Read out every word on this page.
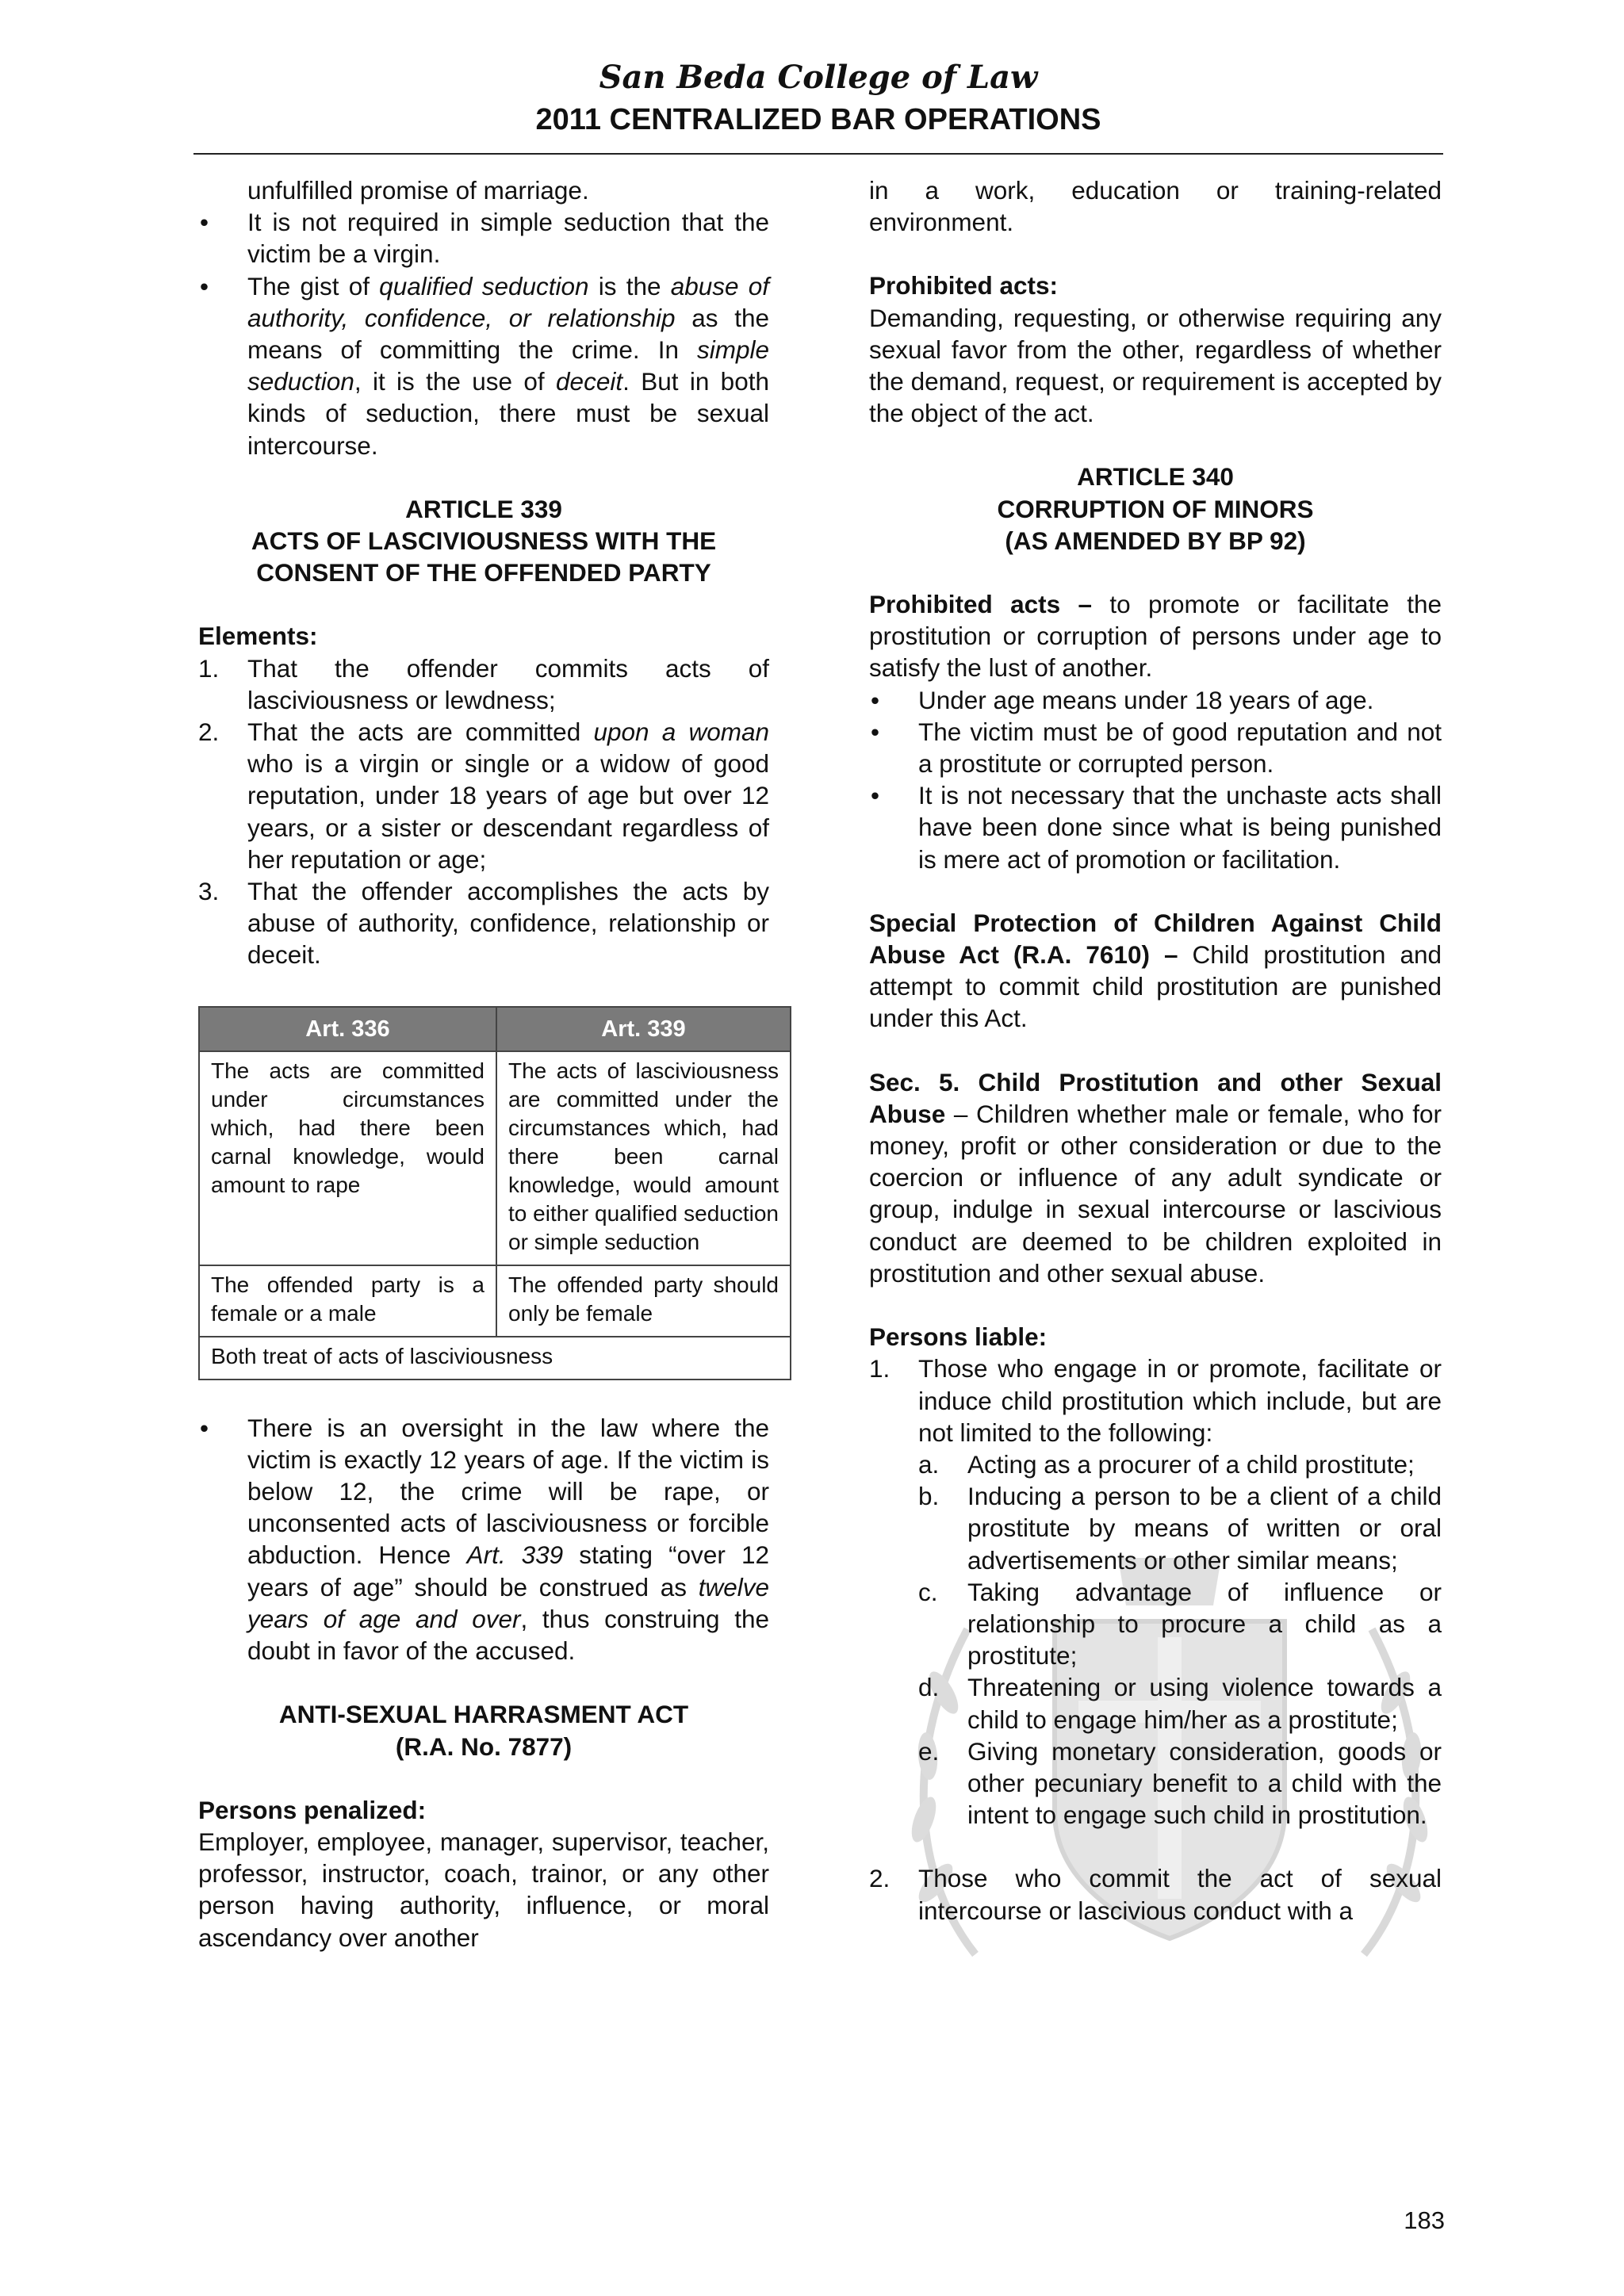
San Beda College of Law
2011 CENTRALIZED BAR OPERATIONS

unfulfilled promise of marriage.

• It is not required in simple seduction that the victim be a virgin.
• The gist of qualified seduction is the abuse of authority, confidence, or relationship as the means of committing the crime. In simple seduction, it is the use of deceit. But in both kinds of seduction, there must be sexual intercourse.
ARTICLE 339
ACTS OF LASCIVIOUSNESS WITH THE
CONSENT OF THE OFFENDED PARTY
Elements:
1. That the offender commits acts of lasciviousness or lewdness;
2. That the acts are committed upon a woman who is a virgin or single or a widow of good reputation, under 18 years of age but over 12 years, or a sister or descendant regardless of her reputation or age;
3. That the offender accomplishes the acts by abuse of authority, confidence, relationship or deceit.
Art. 336	Art. 339
The acts are committed under circumstances which, had there been carnal knowledge, would amount to rape	The acts of lasciviousness are committed under the circumstances which, had there been carnal knowledge, would amount to either qualified seduction or simple seduction
The offended party is a female or a male	The offended party should only be female
Both treat of acts of lasciviousness	
• There is an oversight in the law where the victim is exactly 12 years of age. If the victim is below 12, the crime will be rape, or unconsented acts of lasciviousness or forcible abduction. Hence Art. 339 stating “over 12 years of age” should be construed as twelve years of age and over, thus construing the doubt in favor of the accused.
ANTI-SEXUAL HARRASMENT ACT
(R.A. No. 7877)
Persons penalized:

Employer, employee, manager, supervisor, teacher, professor, instructor, coach, trainor, or any other person having authority, influence, or moral ascendancy over another

in a work, education or training-related environment.

Prohibited acts:

Demanding, requesting, or otherwise requiring any sexual favor from the other, regardless of whether the demand, request, or requirement is accepted by the object of the act.

ARTICLE 340
CORRUPTION OF MINORS
(AS AMENDED BY BP 92)

Prohibited acts – to promote or facilitate the prostitution or corruption of persons under age to satisfy the lust of another.

• Under age means under 18 years of age.
• The victim must be of good reputation and not a prostitute or corrupted person.
• It is not necessary that the unchaste acts shall have been done since what is being punished is mere act of promotion or facilitation.

Special Protection of Children Against Child Abuse Act (R.A. 7610) – Child prostitution and attempt to commit child prostitution are punished under this Act.

Sec. 5. Child Prostitution and other Sexual Abuse – Children whether male or female, who for money, profit or other consideration or due to the coercion or influence of any adult syndicate or group, indulge in sexual intercourse or lascivious conduct are deemed to be children exploited in prostitution and other sexual abuse.

Persons liable:
1. Those who engage in or promote, facilitate or induce child prostitution which include, but are not limited to the following:
a. Acting as a procurer of a child prostitute;
b. Inducing a person to be a client of a child prostitute by means of written or oral advertisements or other similar means;
c. Taking advantage of influence or relationship to procure a child as a prostitute;
d. Threatening or using violence towards a child to engage him/her as a prostitute;
e. Giving monetary consideration, goods or other pecuniary benefit to a child with the intent to engage such child in prostitution.
2. Those who commit the act of sexual intercourse or lascivious conduct with a
183
